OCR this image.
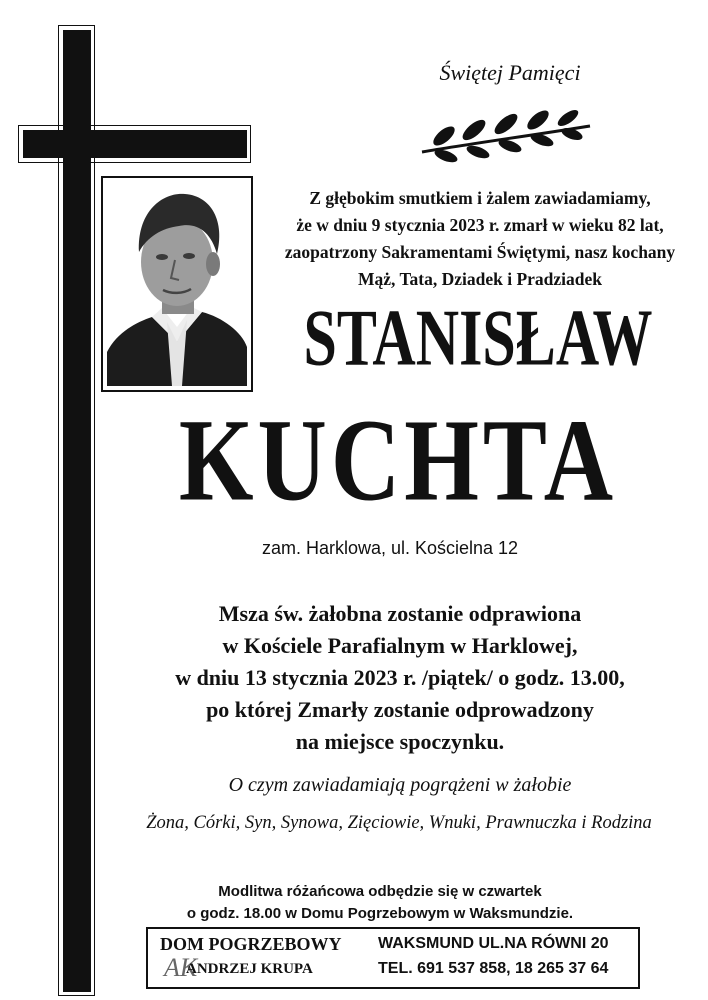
Świętej Pamięci
Z głębokim smutkiem i żalem zawiadamiamy,
że w dniu 9 stycznia 2023 r. zmarł w wieku 82 lat,
zaopatrzony Sakramentami Świętymi, nasz kochany
Mąż, Tata, Dziadek i Pradziadek
STANISŁAW
KUCHTA
zam. Harklowa, ul. Kościelna 12
Msza św. żałobna zostanie odprawiona
w Kościele Parafialnym w Harklowej,
w dniu 13 stycznia 2023 r. /piątek/ o godz. 13.00,
po której Zmarły zostanie odprowadzony
na miejsce spoczynku.
O czym zawiadamiają pogrążeni w żałobie
Żona, Córki, Syn, Synowa, Zięciowie, Wnuki, Prawnuczka i Rodzina
Modlitwa różańcowa odbędzie się w czwartek
o godz. 18.00 w Domu Pogrzebowym w Waksmundzie.
DOM POGRZEBOWY
AK
ANDRZEJ KRUPA
WAKSMUND UL.NA RÓWNI 20
TEL. 691 537 858, 18 265 37 64
